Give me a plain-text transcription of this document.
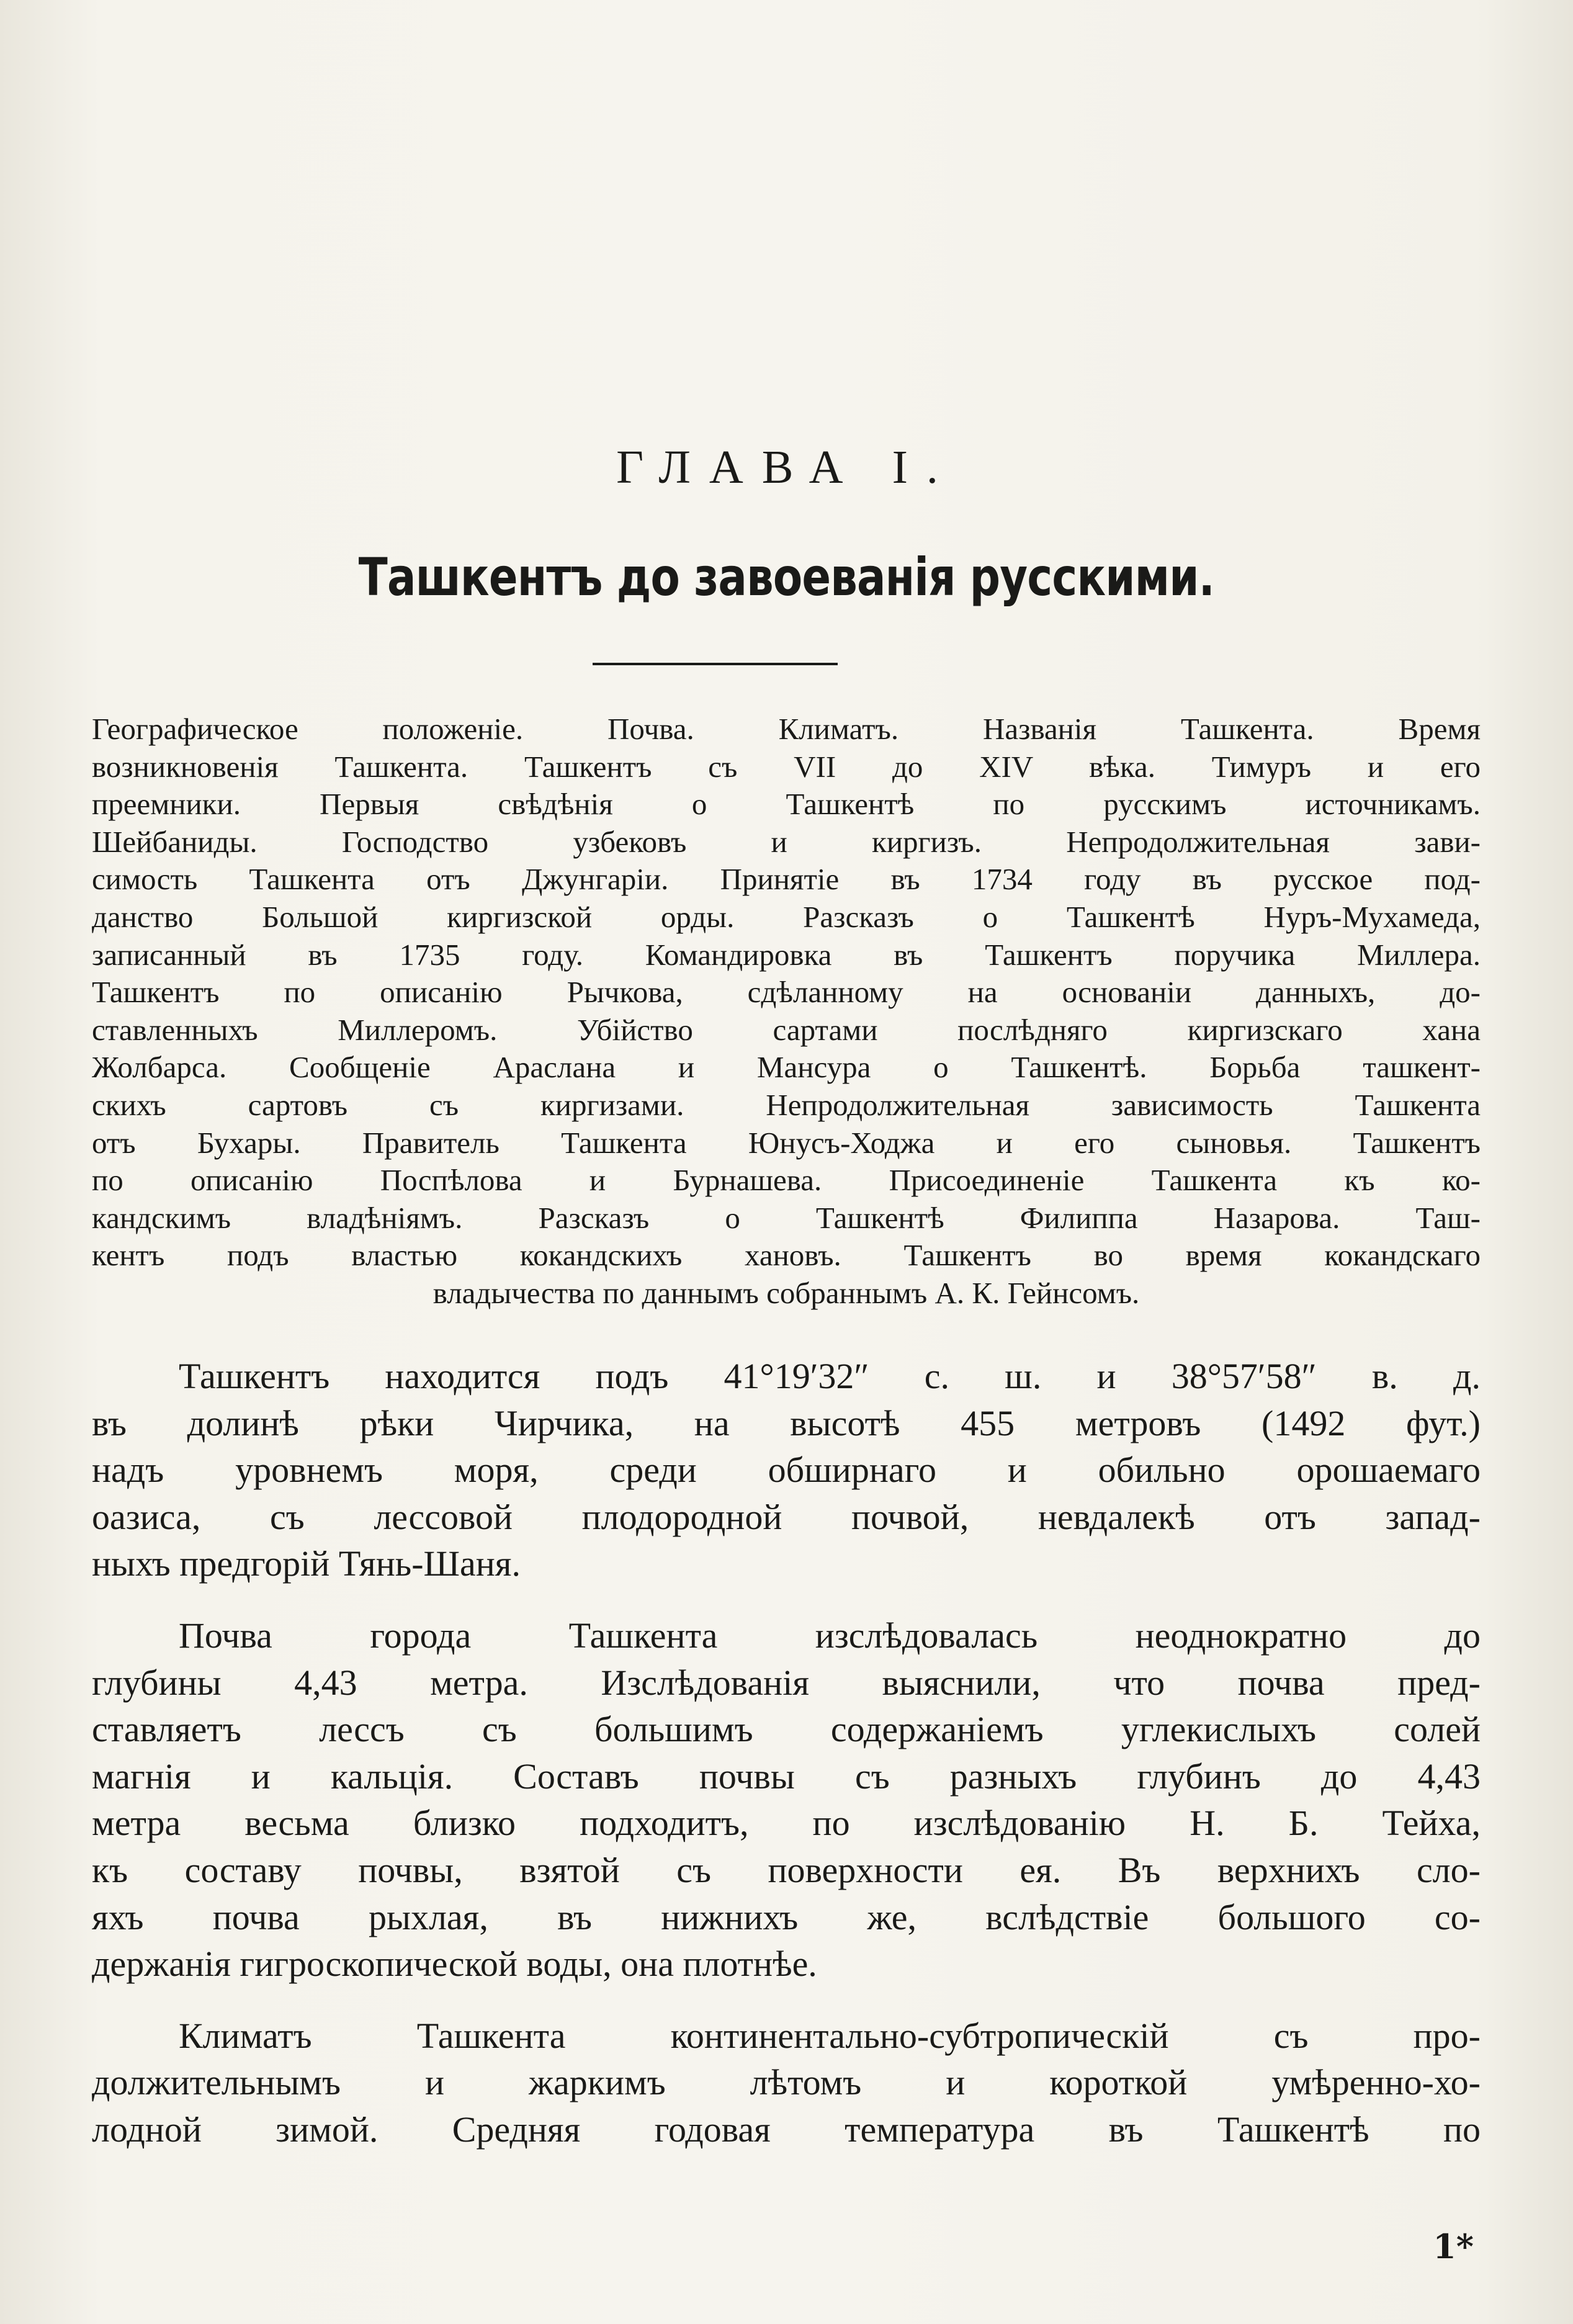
ГЛАВА I.
Ташкентъ до завоеванія русскими.
Географическое положеніе. Почва. Климатъ. Названія Ташкента. Время
возникновенія Ташкента. Ташкентъ съ VII до XIV вѣка. Тимуръ и его
преемники. Первыя свѣдѣнія о Ташкентѣ по русскимъ источникамъ.
Шейбаниды. Господство узбековъ и киргизъ. Непродолжительная зави-
симость Ташкента отъ Джунгаріи. Принятіе въ 1734 году въ русское под-
данство Большой киргизской орды. Разсказъ о Ташкентѣ Нуръ-Мухамеда,
записанный въ 1735 году. Командировка въ Ташкентъ поручика Миллера.
Ташкентъ по описанію Рычкова, сдѣланному на основаніи данныхъ, до-
ставленныхъ Миллеромъ. Убійство сартами послѣдняго киргизскаго хана
Жолбарса. Сообщеніе Арaслана и Мансура о Ташкентѣ. Борьба ташкент-
скихъ сартовъ съ киргизами. Непродолжительная зависимость Ташкента
отъ Бухары. Правитель Ташкента Юнусъ-Ходжа и его сыновья. Ташкентъ
по описанію Поспѣлова и Бурнашева. Присоединеніе Ташкента къ ко-
кандскимъ владѣніямъ. Разсказъ о Ташкентѣ Филиппа Назарова. Таш-
кентъ подъ властью кокандскихъ хановъ. Ташкентъ во время кокандскаго
владычества по даннымъ собраннымъ А. К. Гейнсомъ.
Ташкентъ находится подъ 41°19′32″ с. ш. и 38°57′58″ в. д.
въ долинѣ рѣки Чирчика, на высотѣ 455 метровъ (1492 фут.)
надъ уровнемъ моря, среди обширнаго и обильно орошаемаго
оазиса, съ лессовой плодородной почвой, невдалекѣ отъ запад-
ныхъ предгорій Тянь-Шаня.
Почва города Ташкента изслѣдовалась неоднократно до
глубины 4,43 метра. Изслѣдованія выяснили, что почва пред-
ставляетъ лессъ съ большимъ содержаніемъ углекислыхъ солей
магнія и кальція. Составъ почвы съ разныхъ глубинъ до 4,43
метра весьма близко подходитъ, по изслѣдованію Н. Б. Тейха,
къ составу почвы, взятой съ поверхности ея. Въ верхнихъ сло-
яхъ почва рыхлая, въ нижнихъ же, вслѣдствіе большого со-
держанія гигроскопической воды, она плотнѣе.
Климатъ Ташкента континентально-субтропическій съ про-
должительнымъ и жаркимъ лѣтомъ и короткой умѣренно-хо-
лодной зимой. Средняя годовая температура въ Ташкентѣ по
1*
